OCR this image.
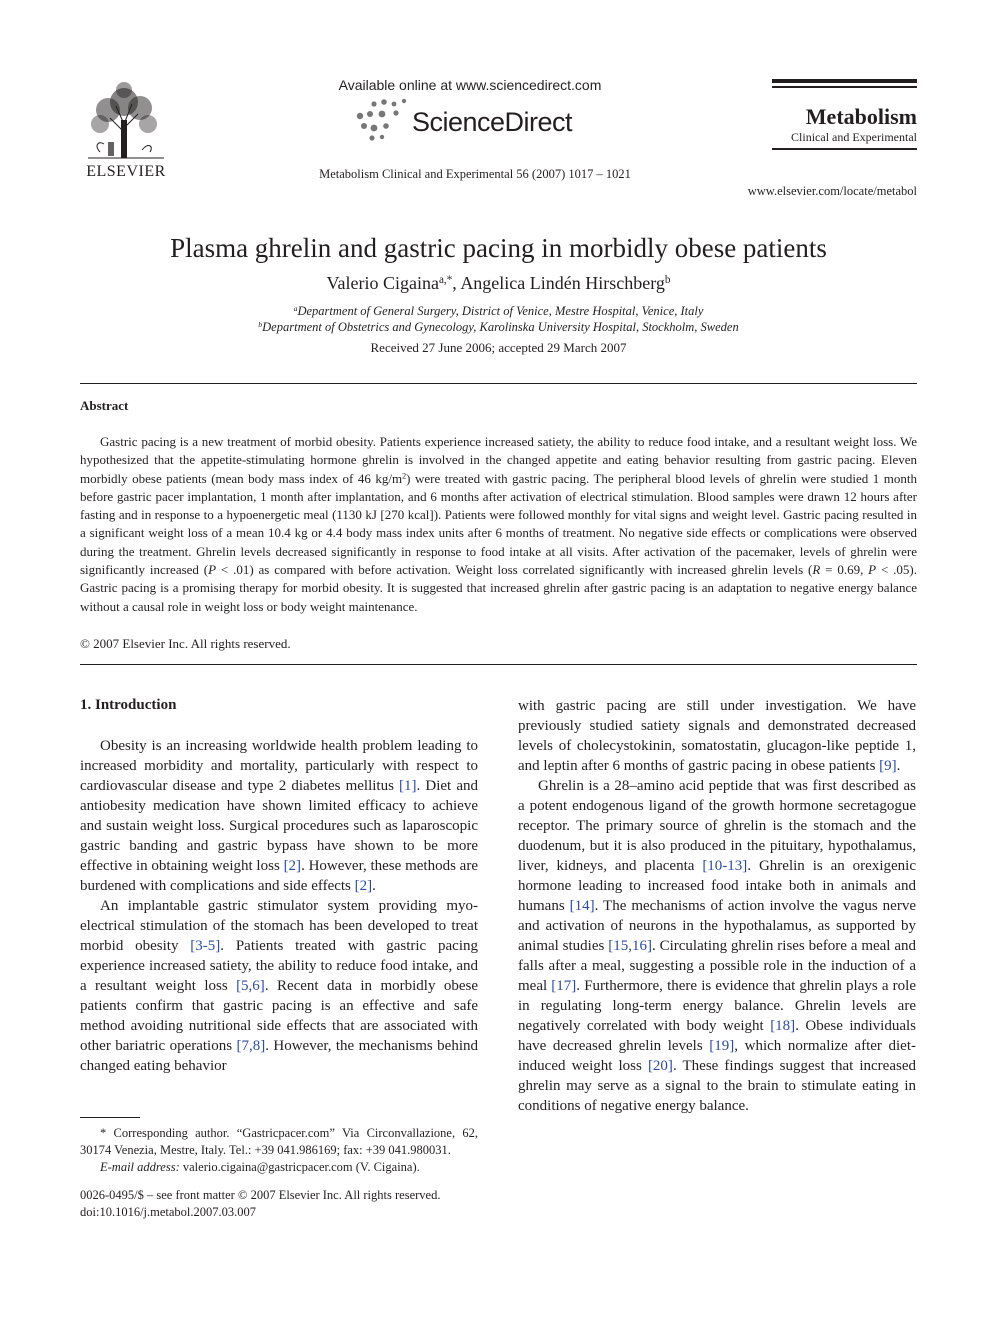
ELSEVIER
Available online at www.sciencedirect.com
ScienceDirect
Metabolism Clinical and Experimental 56 (2007) 1017 – 1021
Metabolism
Clinical and Experimental
www.elsevier.com/locate/metabol
Plasma ghrelin and gastric pacing in morbidly obese patients
Valerio Cigaina$^{a,*}$, Angelica Lindén Hirschberg$^b$
$^a$Department of General Surgery, District of Venice, Mestre Hospital, Venice, Italy
$^b$Department of Obstetrics and Gynecology, Karolinska University Hospital, Stockholm, Sweden
Received 27 June 2006; accepted 29 March 2007
Abstract

Gastric pacing is a new treatment of morbid obesity. Patients experience increased satiety, the ability to reduce food intake, and a resultant weight loss. We hypothesized that the appetite-stimulating hormone ghrelin is involved in the changed appetite and eating behavior resulting from gastric pacing. Eleven morbidly obese patients (mean body mass index of 46 $kg/m^2$) were treated with gastric pacing. The peripheral blood levels of ghrelin were studied 1 month before gastric pacer implantation, 1 month after implantation, and 6 months after activation of electrical stimulation. Blood samples were drawn 12 hours after fasting and in response to a hypoenergetic meal (1130 kJ [270 kcal]). Patients were followed monthly for vital signs and weight level. Gastric pacing resulted in a significant weight loss of a mean 10.4 kg or 4.4 body mass index units after 6 months of treatment. No negative side effects or complications were observed during the treatment. Ghrelin levels decreased significantly in response to food intake at all visits. After activation of the pacemaker, levels of ghrelin were significantly increased (P < .01) as compared with before activation. Weight loss correlated significantly with increased ghrelin levels (R = 0.69, P < .05). Gastric pacing is a promising therapy for morbid obesity. It is suggested that increased ghrelin after gastric pacing is an adaptation to negative energy balance without a causal role in weight loss or body weight maintenance.

© 2007 Elsevier Inc. All rights reserved.
1. Introduction

Obesity is an increasing worldwide health problem leading to increased morbidity and mortality, particularly with respect to cardiovascular disease and type 2 diabetes mellitus [1]. Diet and antiobesity medication have shown limited efficacy to achieve and sustain weight loss. Surgical procedures such as laparoscopic gastric banding and gastric bypass have shown to be more effective in obtaining weight loss [2]. However, these methods are burdened with complications and side effects [2].

An implantable gastric stimulator system providing myo-electrical stimulation of the stomach has been developed to treat morbid obesity [3-5]. Patients treated with gastric pacing experience increased satiety, the ability to reduce food intake, and a resultant weight loss [5,6]. Recent data in morbidly obese patients confirm that gastric pacing is an effective and safe method avoiding nutritional side effects that are associated with other bariatric operations [7,8]. However, the mechanisms behind changed eating behavior

with gastric pacing are still under investigation. We have previously studied satiety signals and demonstrated decreased levels of cholecystokinin, somatostatin, glucagon-like peptide 1, and leptin after 6 months of gastric pacing in obese patients [9].

Ghrelin is a 28–amino acid peptide that was first described as a potent endogenous ligand of the growth hormone secretagogue receptor. The primary source of ghrelin is the stomach and the duodenum, but it is also produced in the pituitary, hypothalamus, liver, kidneys, and placenta [10-13]. Ghrelin is an orexigenic hormone leading to increased food intake both in animals and humans [14]. The mechanisms of action involve the vagus nerve and activation of neurons in the hypothalamus, as supported by animal studies [15,16]. Circulating ghrelin rises before a meal and falls after a meal, suggesting a possible role in the induction of a meal [17]. Furthermore, there is evidence that ghrelin plays a role in regulating long-term energy balance. Ghrelin levels are negatively correlated with body weight [18]. Obese individuals have decreased ghrelin levels [19], which normalize after diet-induced weight loss [20]. These findings suggest that increased ghrelin may serve as a signal to the brain to stimulate eating in conditions of negative energy balance.

* Corresponding author. “Gastricpacer.com” Via Circonvallazione, 62, 30174 Venezia, Mestre, Italy. Tel.: +39 041.986169; fax: +39 041.980031.

E-mail address: valerio.cigaina@gastricpacer.com (V. Cigaina).

0026-0495/$ – see front matter © 2007 Elsevier Inc. All rights reserved.
doi:10.1016/j.metabol.2007.03.007
